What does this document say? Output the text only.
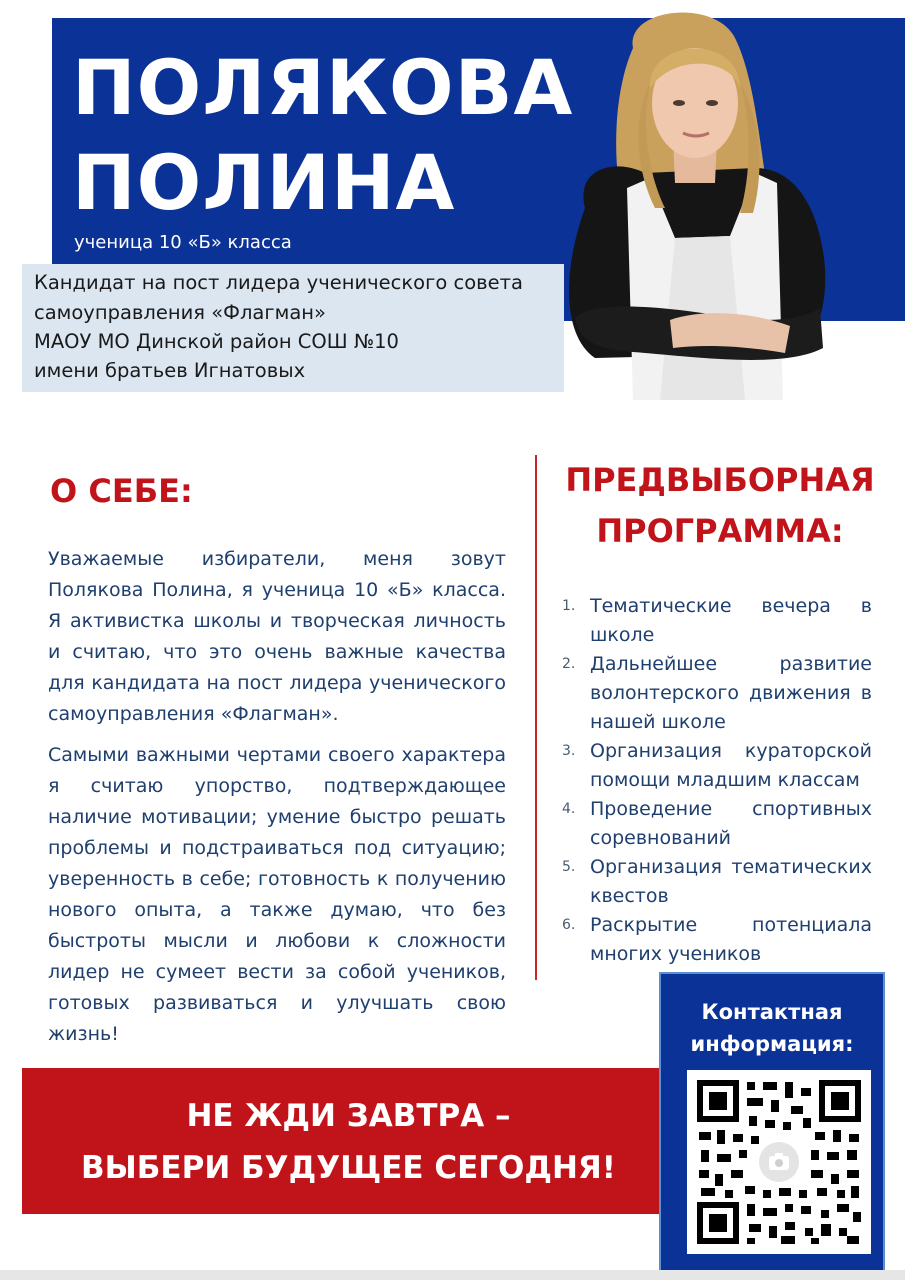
ПОЛЯКОВА
ПОЛИНА
ученица 10 «Б» класса
Кандидат на пост лидера ученического совета
самоуправления «Флагман»
МАОУ МО Динской район СОШ №10
имени братьев Игнатовых
О СЕБЕ:

Уважаемые избиратели, меня зовут Полякова Полина, я ученица 10 «Б» класса. Я активистка школы и творческая личность и считаю, что это очень важные качества для кандидата на пост лидера ученического самоуправления «Флагман».

Самыми важными чертами своего характера я считаю упорство, подтверждающее наличие мотивации; умение быстро решать проблемы и подстраиваться под ситуацию; уверенность в себе; готовность к получению нового опыта, а также думаю, что без быстроты мысли и любови к сложности лидер не сумеет вести за собой учеников, готовых развиваться и улучшать свою жизнь!

ПРЕДВЫБОРНАЯ
ПРОГРАММА:
1. Тематические вечера в школе
2. Дальнейшее развитие волонтерского движения в нашей школе
3. Организация кураторской помощи младшим классам
4. Проведение спортивных соревнований
5. Организация тематических квестов
6. Раскрытие потенциала многих учеников
НЕ ЖДИ ЗАВТРА –
ВЫБЕРИ БУДУЩЕЕ СЕГОДНЯ!
Контактная
информация:
